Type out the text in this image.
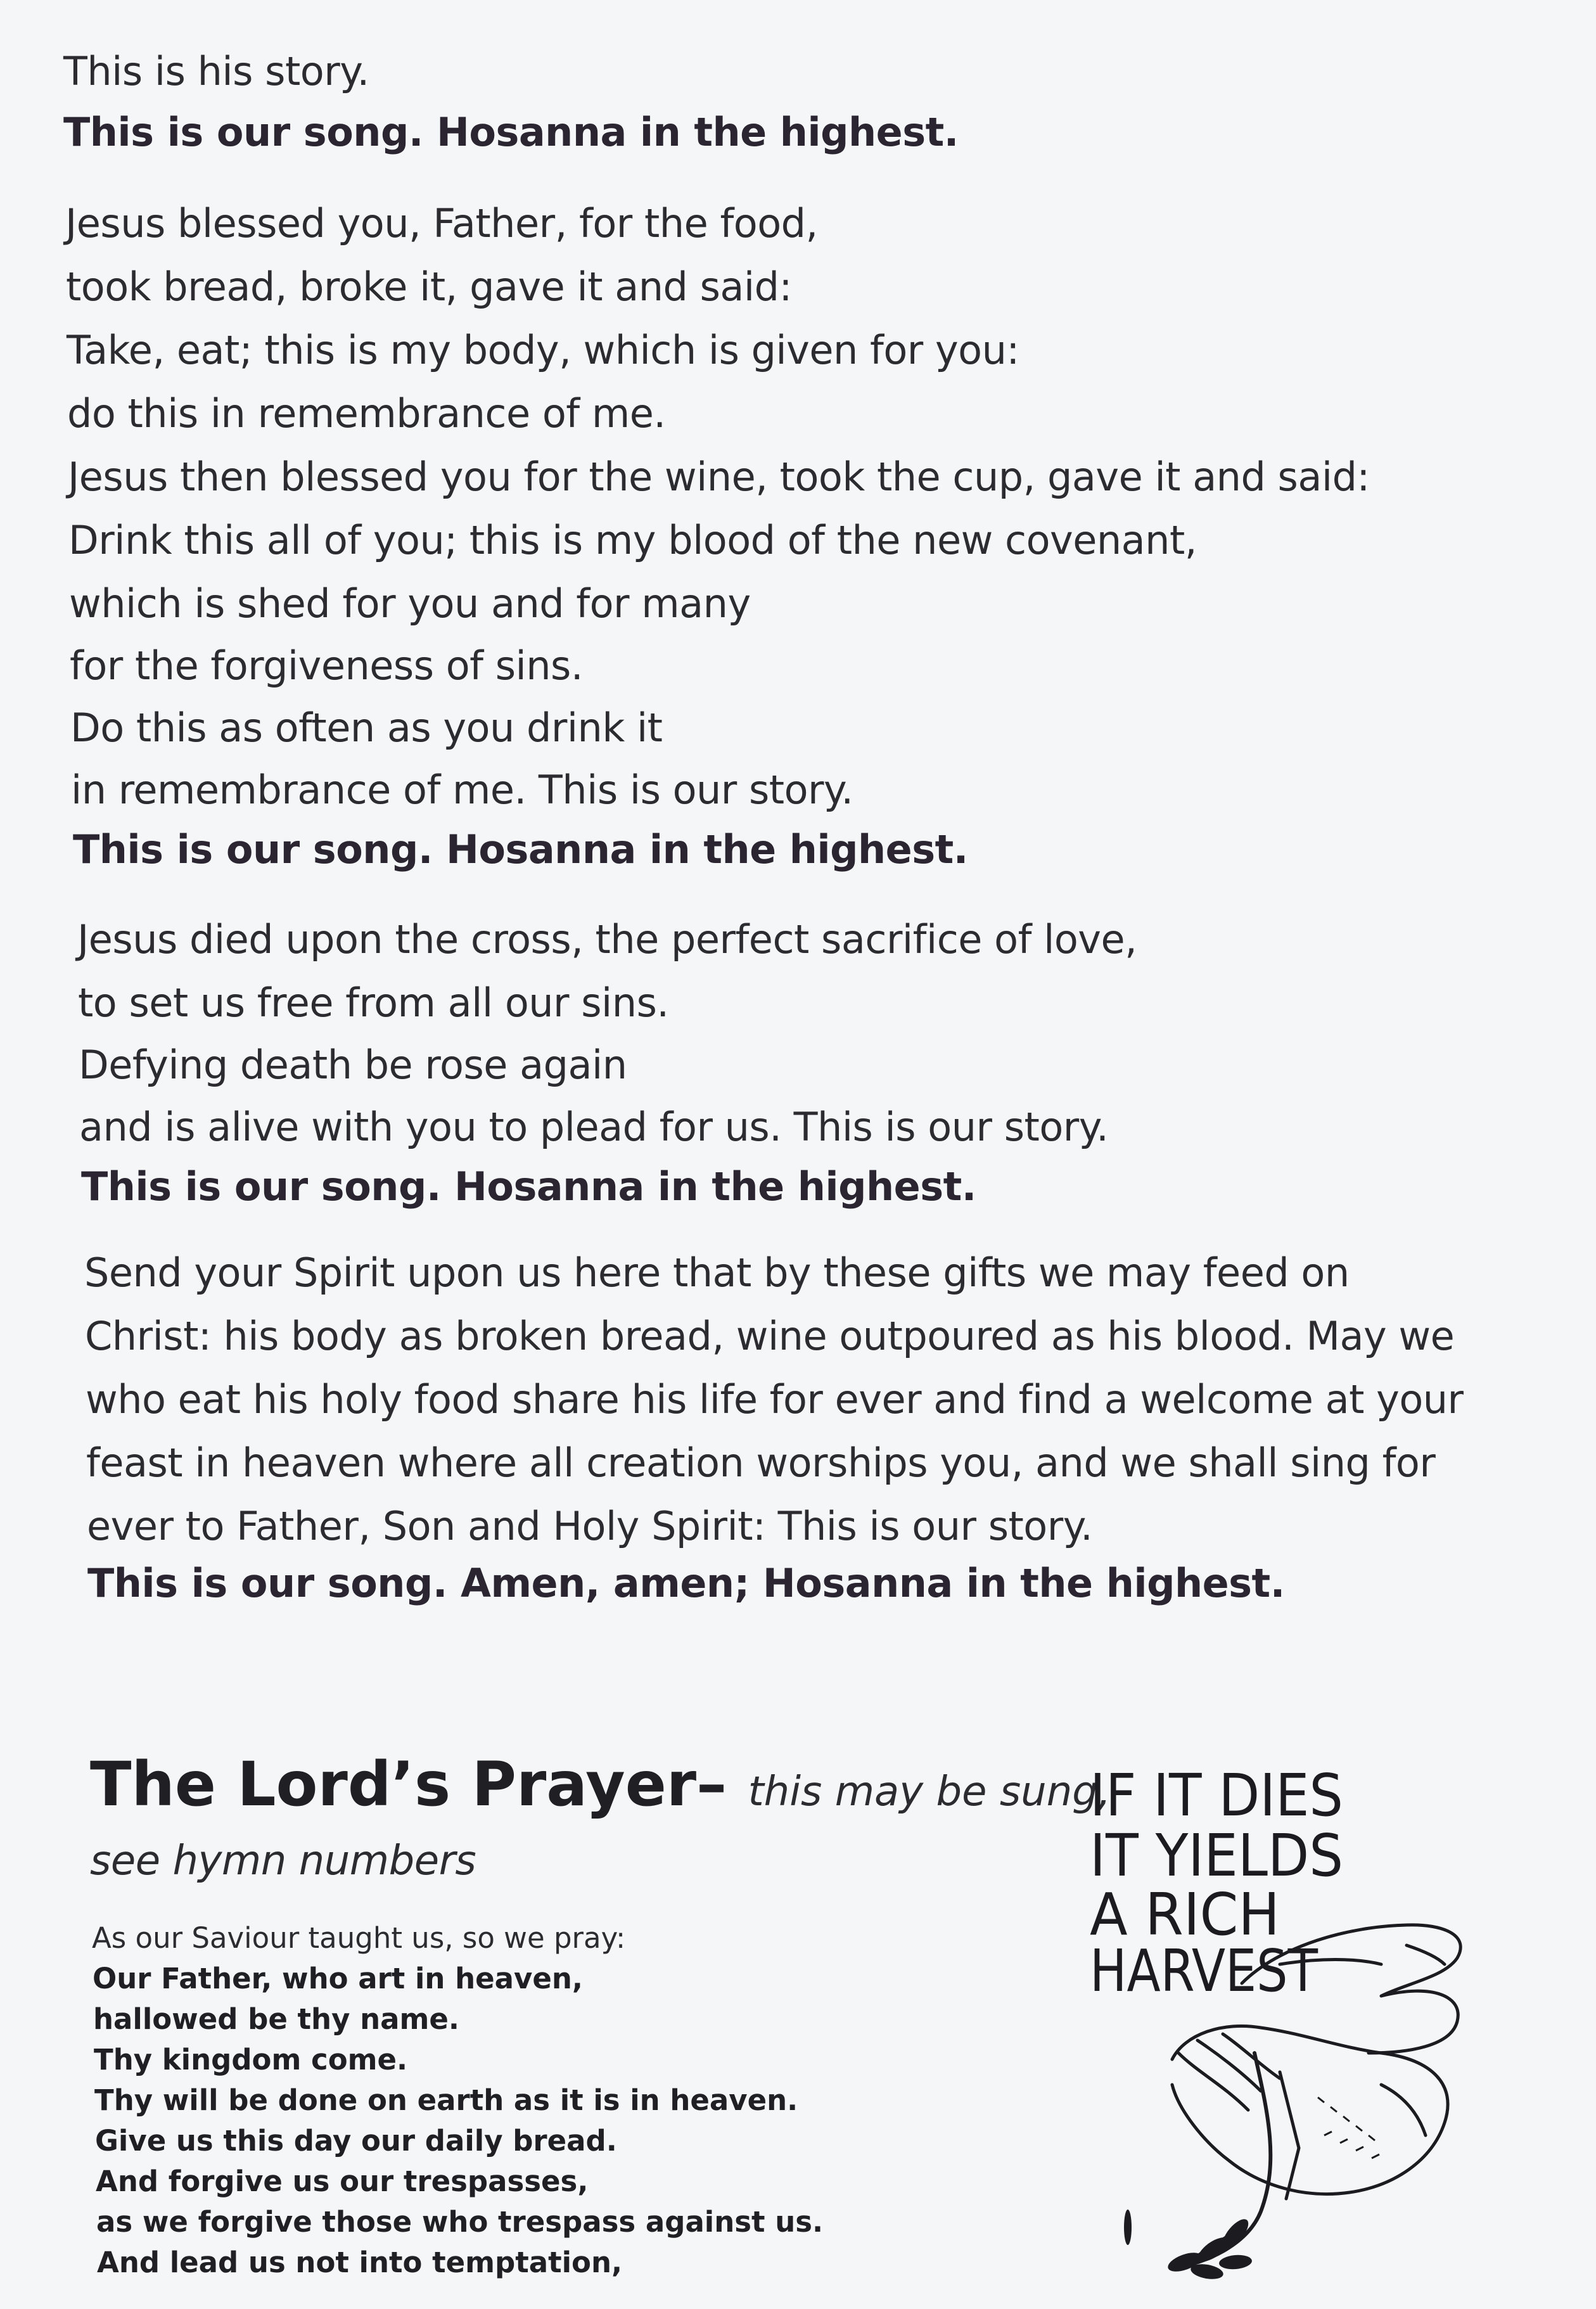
This is his story.
This is our song. Hosanna in the highest.
Jesus blessed you, Father, for the food,
took bread, broke it, gave it and said:
Take, eat; this is my body, which is given for you:
do this in remembrance of me.
Jesus then blessed you for the wine, took the cup, gave it and said:
Drink this all of you; this is my blood of the new covenant,
which is shed for you and for many
for the forgiveness of sins.
Do this as often as you drink it
in remembrance of me. This is our story.
This is our song. Hosanna in the highest.
Jesus died upon the cross, the perfect sacrifice of love,
to set us free from all our sins.
Defying death be rose again
and is alive with you to plead for us. This is our story.
This is our song. Hosanna in the highest.
Send your Spirit upon us here that by these gifts we may feed on
Christ: his body as broken bread, wine outpoured as his blood. May we
who eat his holy food share his life for ever and find a welcome at your
feast in heaven where all creation worships you, and we shall sing for
ever to Father, Son and Holy Spirit: This is our story.
This is our song. Amen, amen; Hosanna in the highest.
The Lord’s Prayer– this may be sung,
see hymn numbers
As our Saviour taught us, so we pray:
Our Father, who art in heaven,
hallowed be thy name.
Thy kingdom come.
Thy will be done on earth as it is in heaven.
Give us this day our daily bread.
And forgive us our trespasses,
as we forgive those who trespass against us.
And lead us not into temptation,
IF IT DIES
IT YIELDS
A RICH
HARVEST
